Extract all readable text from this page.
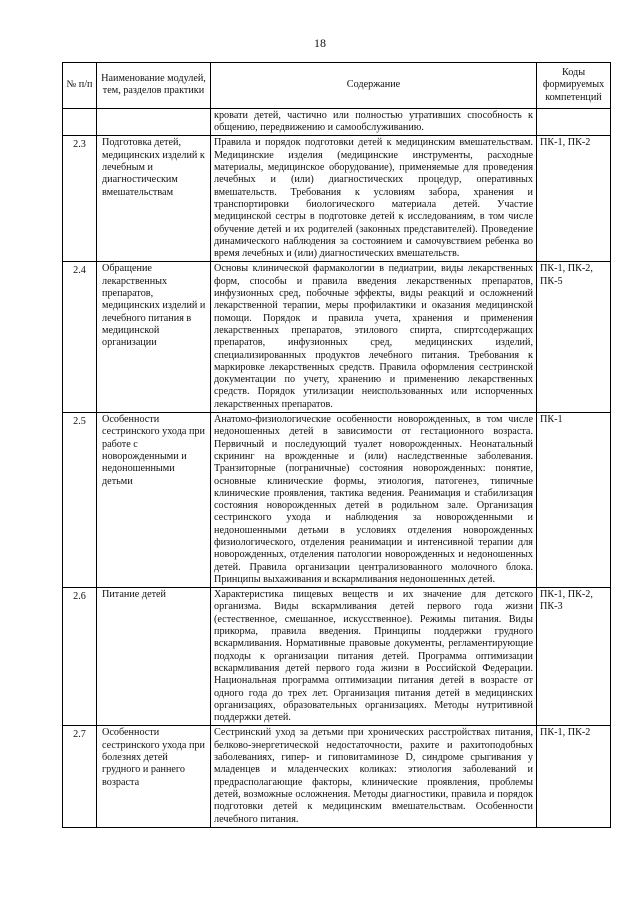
18
№ п/п	Наименование модулей, тем, разделов практики	Содержание	Коды формируемых компетенций
		кровати детей, частично или полностью утративших способность к общению, передвижению и самообслуживанию.	
2.3	Подготовка детей, медицинских изделий к лечебным и диагностическим вмешательствам	Правила и порядок подготовки детей к медицинским вмешательствам. Медицинские изделия (медицинские инструменты, расходные материалы, медицинское оборудование), применяемые для проведения лечебных и (или) диагностических процедур, оперативных вмешательств. Требования к условиям забора, хранения и транспортировки биологического материала детей. Участие медицинской сестры в подготовке детей к исследованиям, в том числе обучение детей и их родителей (законных представителей). Проведение динамического наблюдения за состоянием и самочувствием ребенка во время лечебных и (или) диагностических вмешательств.	ПК-1, ПК-2
2.4	Обращение лекарственных препаратов, медицинских изделий и лечебного питания в медицинской организации	Основы клинической фармакологии в педиатрии, виды лекарственных форм, способы и правила введения лекарственных препаратов, инфузионных сред, побочные эффекты, виды реакций и осложнений лекарственной терапии, меры профилактики и оказания медицинской помощи. Порядок и правила учета, хранения и применения лекарственных препаратов, этилового спирта, спиртсодержащих препаратов, инфузионных сред, медицинских изделий, специализированных продуктов лечебного питания. Требования к маркировке лекарственных средств. Правила оформления сестринской документации по учету, хранению и применению лекарственных средств. Порядок утилизации неиспользованных или испорченных лекарственных препаратов.	ПК-1, ПК-2, ПК-5
2.5	Особенности сестринского ухода при работе с новорожденными и недоношенными детьми	Анатомо-физиологические особенности новорожденных, в том числе недоношенных детей в зависимости от гестационного возраста. Первичный и последующий туалет новорожденных. Неонатальный скрининг на врожденные и (или) наследственные заболевания. Транзиторные (пограничные) состояния новорожденных: понятие, основные клинические формы, этиология, патогенез, типичные клинические проявления, тактика ведения. Реанимация и стабилизация состояния новорожденных детей в родильном зале. Организация сестринского ухода и наблюдения за новорожденными и недоношенными детьми в условиях отделения новорожденных физиологического, отделения реанимации и интенсивной терапии для новорожденных, отделения патологии новорожденных и недоношенных детей. Правила организации централизованного молочного блока. Принципы выхаживания и вскармливания недоношенных детей.	ПК-1
2.6	Питание детей	Характеристика пищевых веществ и их значение для детского организма. Виды вскармливания детей первого года жизни (естественное, смешанное, искусственное). Режимы питания. Виды прикорма, правила введения. Принципы поддержки грудного вскармливания. Нормативные правовые документы, регламентирующие подходы к организации питания детей. Программа оптимизации вскармливания детей первого года жизни в Российской Федерации. Национальная программа оптимизации питания детей в возрасте от одного года до трех лет. Организация питания детей в медицинских организациях, образовательных организациях. Методы нутритивной поддержки детей.	ПК-1, ПК-2, ПК-3
2.7	Особенности сестринского ухода при болезнях детей грудного и раннего возраста	Сестринский уход за детьми при хронических расстройствах питания, белково-энергетической недостаточности, рахите и рахитоподобных заболеваниях, гипер- и гиповитаминозе D, синдроме срыгивания у младенцев и младенческих коликах: этиология заболеваний и предрасполагающие факторы, клинические проявления, проблемы детей, возможные осложнения. Методы диагностики, правила и порядок подготовки детей к медицинским вмешательствам. Особенности лечебного питания.	ПК-1, ПК-2
